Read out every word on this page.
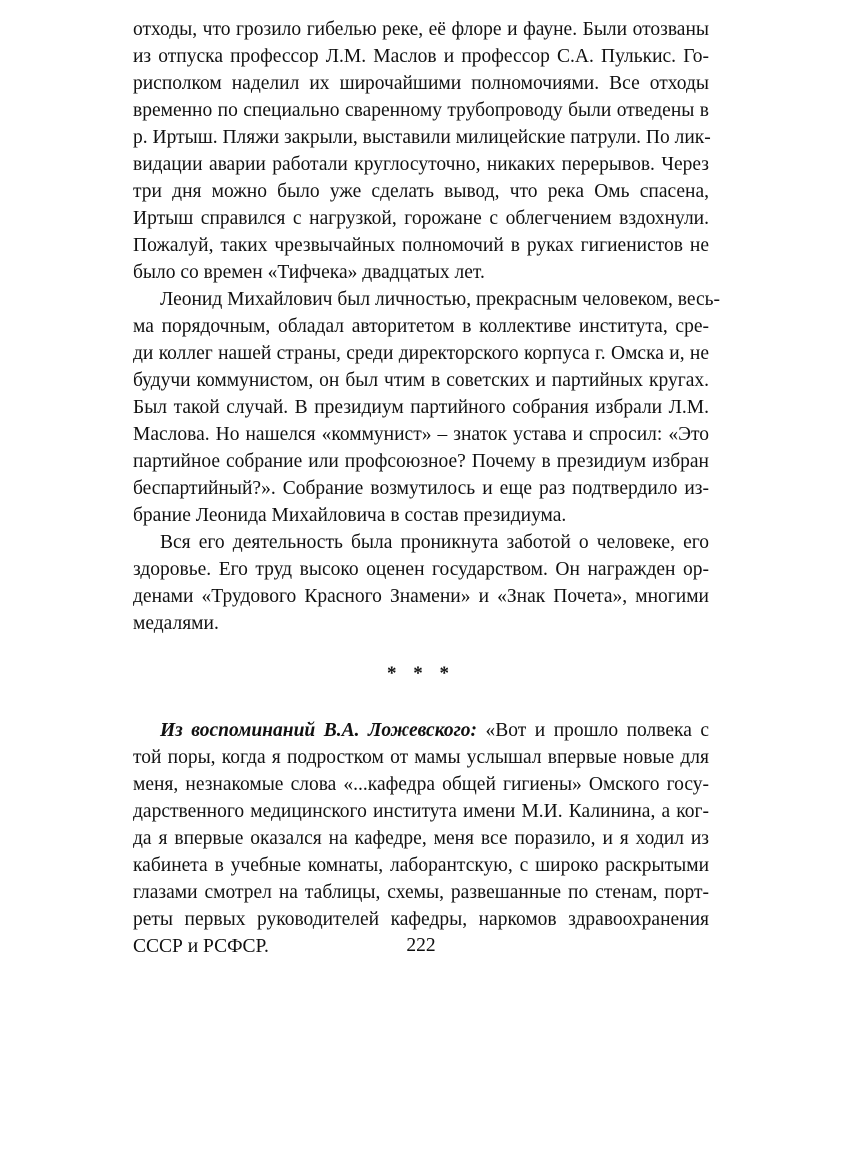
отходы, что грозило гибелью реке, её флоре и фауне. Были отозваны
из отпуска профессор Л.М. Маслов и профессор С.А. Пулькис. Го-
рисполком наделил их широчайшими полномочиями. Все отходы
временно по специально сваренному трубопроводу были отведены в
р. Иртыш. Пляжи закрыли, выставили милицейские патрули. По лик-
видации аварии работали круглосуточно, никаких перерывов. Через
три дня можно было уже сделать вывод, что река Омь спасена,
Иртыш справился с нагрузкой, горожане с облегчением вздохнули.
Пожалуй, таких чрезвычайных полномочий в руках гигиенистов не
было со времен «Тифчека» двадцатых лет.

Леонид Михайлович был личностью, прекрасным человеком, весь-
ма порядочным, обладал авторитетом в коллективе института, сре-
ди коллег нашей страны, среди директорского корпуса г. Омска и, не
будучи коммунистом, он был чтим в советских и партийных кругах.
Был такой случай. В президиум партийного собрания избрали Л.М.
Маслова. Но нашелся «коммунист» – знаток устава и спросил: «Это
партийное собрание или профсоюзное? Почему в президиум избран
беспартийный?». Собрание возмутилось и еще раз подтвердило из-
брание Леонида Михайловича в состав президиума.

Вся его деятельность была проникнута заботой о человеке, его
здоровье. Его труд высоко оценен государством. Он награжден ор-
денами «Трудового Красного Знамени» и «Знак Почета», многими
медалями.

* * *

Из воспоминаний В.А. Ложевского: «Вот и прошло полвека с
той поры, когда я подростком от мамы услышал впервые новые для
меня, незнакомые слова «...кафедра общей гигиены» Омского госу-
дарственного медицинского института имени М.И. Калинина, а ког-
да я впервые оказался на кафедре, меня все поразило, и я ходил из
кабинета в учебные комнаты, лаборантскую, с широко раскрытыми
глазами смотрел на таблицы, схемы, развешанные по стенам, порт-
реты первых руководителей кафедры, наркомов здравоохранения
СССР и РСФСР.	222
